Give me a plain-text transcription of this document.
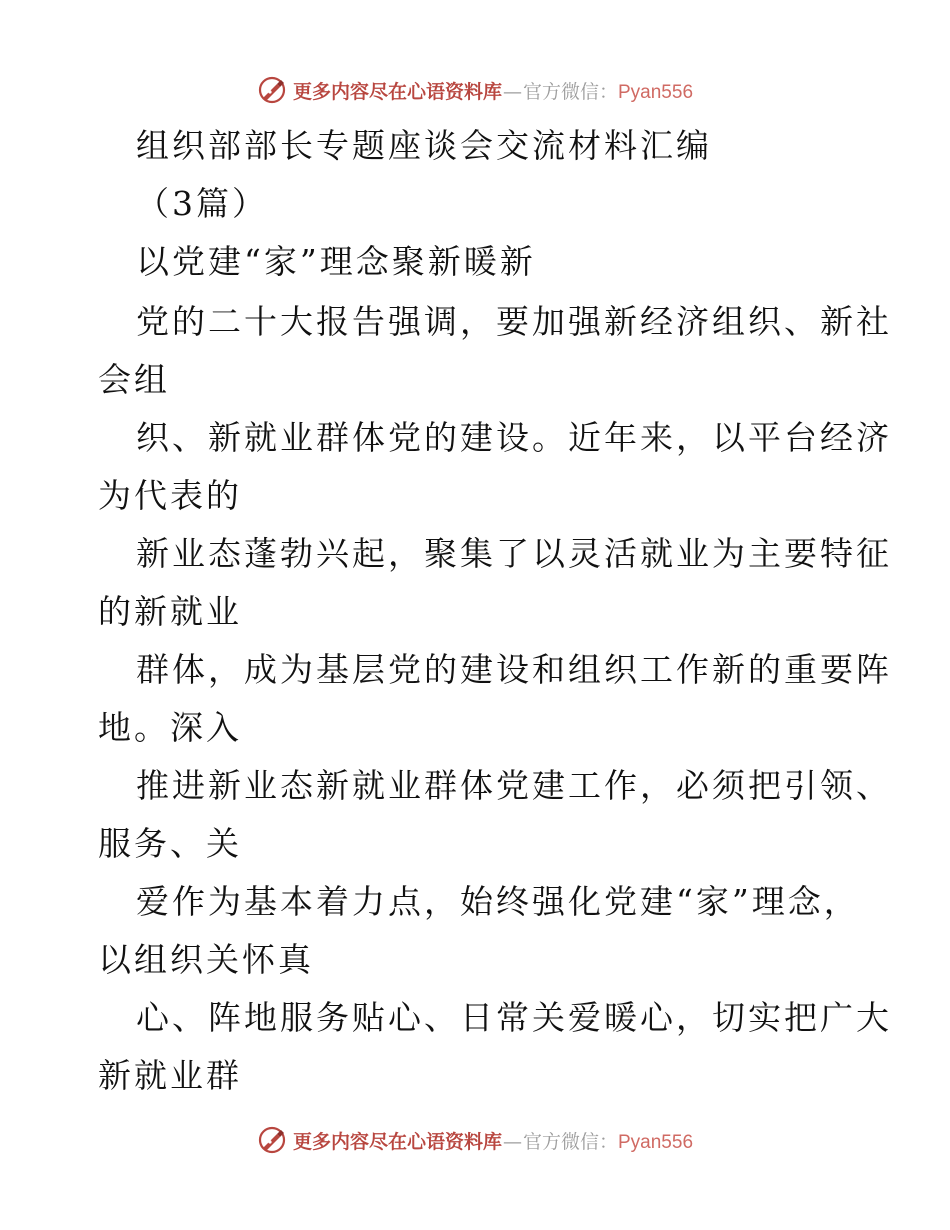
更多内容尽在心语资料库 — 官方微信： Pyan556
组织部部长专题座谈会交流材料汇编
（3篇）
以党建“家”理念聚新暖新
党的二十大报告强调，要加强新经济组织、新社
会组
织、新就业群体党的建设。近年来，以平台经济
为代表的
新业态蓬勃兴起，聚集了以灵活就业为主要特征
的新就业
群体，成为基层党的建设和组织工作新的重要阵
地。深入
推进新业态新就业群体党建工作，必须把引领、
服务、关
爱作为基本着力点，始终强化党建“家”理念，
以组织关怀真
心、阵地服务贴心、日常关爱暖心，切实把广大
新就业群
更多内容尽在心语资料库 — 官方微信： Pyan556
